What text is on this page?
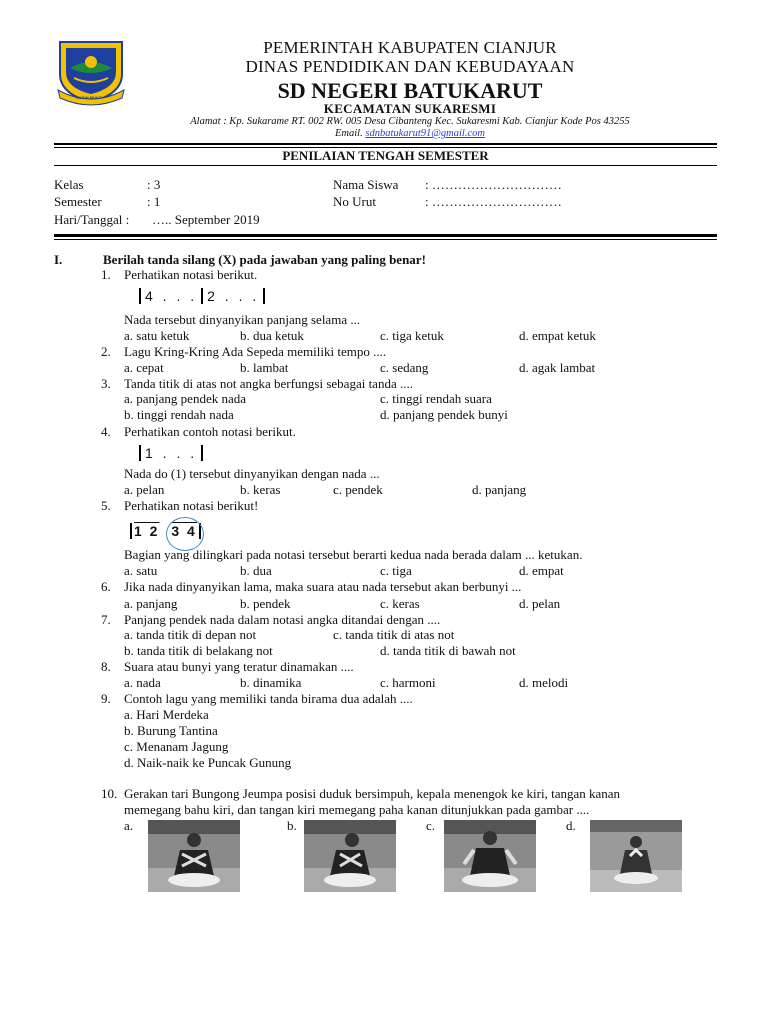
SUGIH MUKTI
PEMERINTAH KABUPATEN CIANJUR
DINAS PENDIDIKAN DAN KEBUDAYAAN
SD NEGERI BATUKARUT
KECAMATAN SUKARESMI
Alamat : Kp. Sukarame RT. 002 RW. 005 Desa Cibanteng Kec. Sukaresmi Kab. Cianjur Kode Pos 43255
Email. sdnbatukarut91@gmail.com
PENILAIAN TENGAH SEMESTER
Kelas	: 3
Semester	: 1
Hari/Tanggal : ….. September 2019
Nama Siswa : …………………………
No Urut	: …………………………
I.	Berilah tanda silang (X) pada jawaban yang paling benar!
1. Perhatikan notasi berikut.
4 . . . 2 . . .
Nada tersebut dinyanyikan panjang selama ...
a. satu ketuk	b. dua ketuk	c. tiga ketuk	d. empat ketuk
2. Lagu Kring-Kring Ada Sepeda memiliki tempo ....
a. cepat	b. lambat	c. sedang	d. agak lambat
3. Tanda titik di atas not angka berfungsi sebagai tanda ....
a. panjang pendek nada	c. tinggi rendah suara
b. tinggi rendah nada	d. panjang pendek bunyi
4. Perhatikan contoh notasi berikut.
1 . . .
Nada do (1) tersebut dinyanyikan dengan nada ...
a. pelan	b. keras	c. pendek	d. panjang
5. Perhatikan notasi berikut!
1 2 3 4
Bagian yang dilingkari pada notasi tersebut berarti kedua nada berada dalam ... ketukan.
a. satu	b. dua	c. tiga	d. empat
6. Jika nada dinyanyikan lama, maka suara atau nada tersebut akan berbunyi ...
a. panjang	b. pendek	c. keras	d. pelan
7. Panjang pendek nada dalam notasi angka ditandai dengan ....
a. tanda titik di depan not	c. tanda titik di atas not
b. tanda titik di belakang not	d. tanda titik di bawah not
8. Suara atau bunyi yang teratur dinamakan ....
a. nada	b. dinamika	c. harmoni	d. melodi
9. Contoh lagu yang memiliki tanda birama dua adalah ....
a. Hari Merdeka
b. Burung Tantina
c. Menanam Jagung
d. Naik-naik ke Puncak Gunung
10. Gerakan tari Bungong Jeumpa posisi duduk bersimpuh, kepala menengok ke kiri, tangan kanan
memegang bahu kiri, dan tangan kiri memegang paha kanan ditunjukkan pada gambar ....
a.	b.	c.	d.
